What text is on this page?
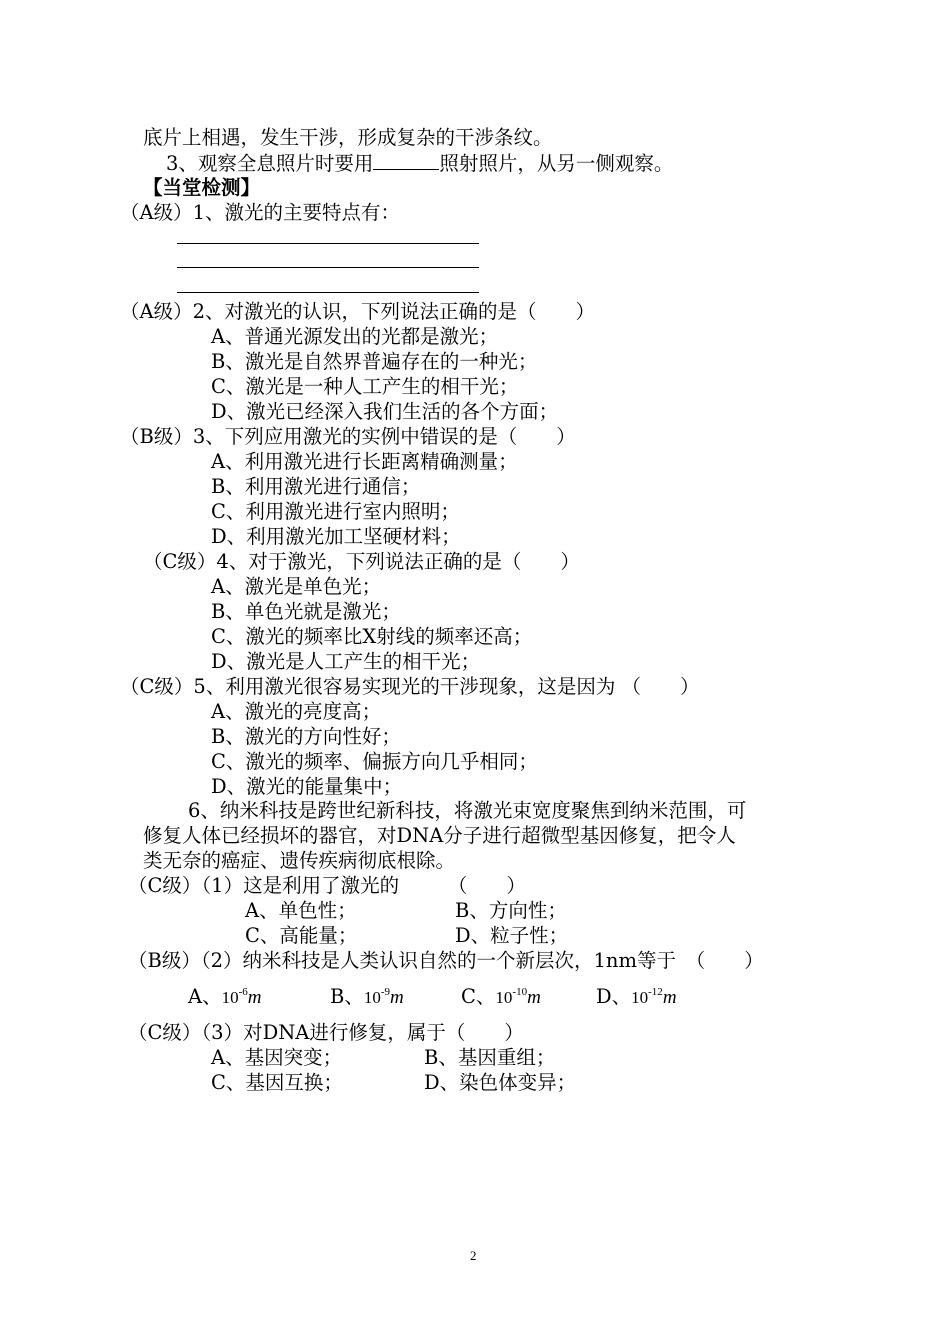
底片上相遇，发生干涉，形成复杂的干涉条纹。
3、观察全息照片时要用	照射照片，从另一侧观察。
【当堂检测】
（A级）1、激光的主要特点有：
（A级）2、对激光的认识，下列说法正确的是（　　）
A、普通光源发出的光都是激光；
B、激光是自然界普遍存在的一种光；
C、激光是一种人工产生的相干光；
D、激光已经深入我们生活的各个方面；
（B级）3、下列应用激光的实例中错误的是（　　）
A、利用激光进行长距离精确测量；
B、利用激光进行通信；
C、利用激光进行室内照明；
D、利用激光加工坚硬材料；
（C级）4、对于激光，下列说法正确的是（　　）
A、激光是单色光；
B、单色光就是激光；
C、激光的频率比X射线的频率还高；
D、激光是人工产生的相干光；
（C级）5、利用激光很容易实现光的干涉现象，这是因为 （　　）
A、激光的亮度高；
B、激光的方向性好；
C、激光的频率、偏振方向几乎相同；
D、激光的能量集中；
6、纳米科技是跨世纪新科技，将激光束宽度聚焦到纳米范围，可
修复人体已经损坏的器官，对DNA分子进行超微型基因修复，把令人
类无奈的癌症、遗传疾病彻底根除。
（C级）（1）这是利用了激光的　　　（　　）
A、单色性；	B、方向性；
C、高能量；	D、粒子性；
（B级）（2）纳米科技是人类认识自然的一个新层次，1nm等于　（　　）
A、$10^{-6}m$	B、$10^{-9}m$	C、$10^{-10}m$	D、$10^{-12}m$
（C级）（3）对DNA进行修复，属于（　　）
A、基因突变；	B、基因重组；
C、基因互换；	D、染色体变异；
2
